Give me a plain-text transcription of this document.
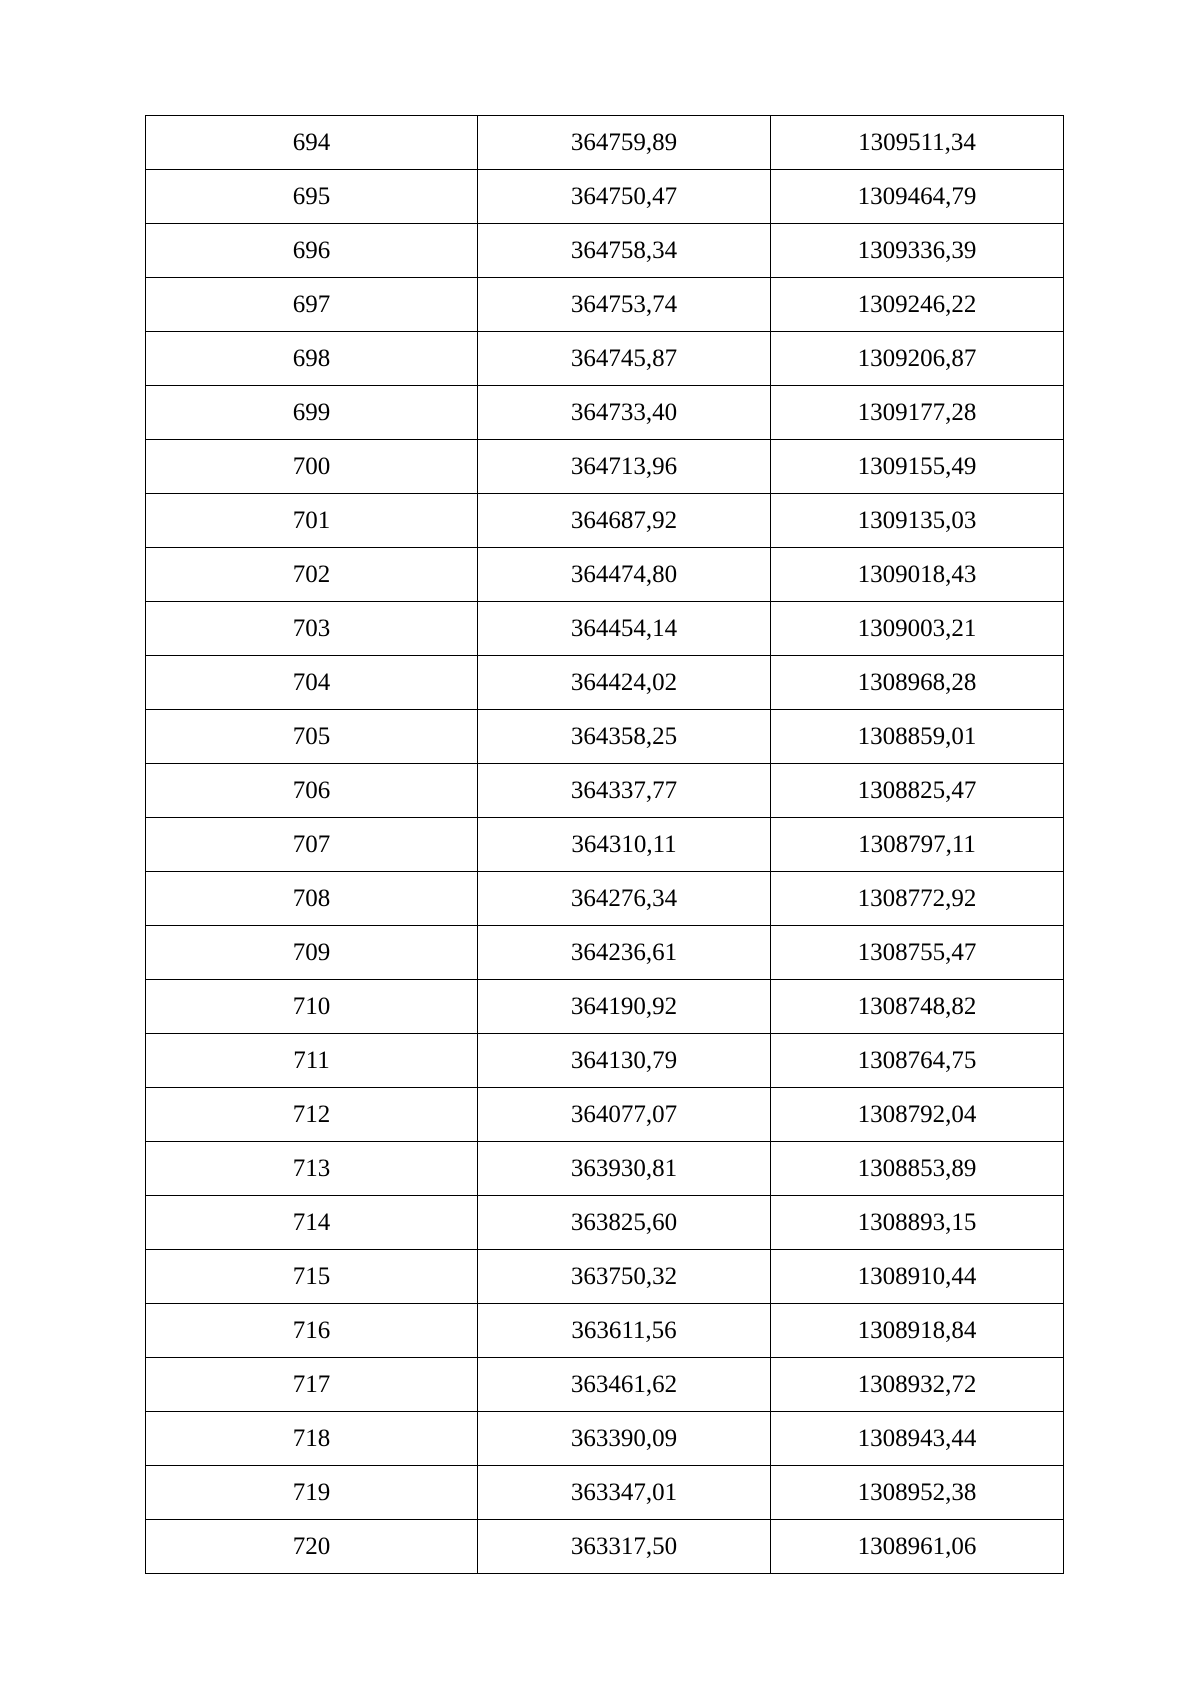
694	364759,89	1309511,34
695	364750,47	1309464,79
696	364758,34	1309336,39
697	364753,74	1309246,22
698	364745,87	1309206,87
699	364733,40	1309177,28
700	364713,96	1309155,49
701	364687,92	1309135,03
702	364474,80	1309018,43
703	364454,14	1309003,21
704	364424,02	1308968,28
705	364358,25	1308859,01
706	364337,77	1308825,47
707	364310,11	1308797,11
708	364276,34	1308772,92
709	364236,61	1308755,47
710	364190,92	1308748,82
711	364130,79	1308764,75
712	364077,07	1308792,04
713	363930,81	1308853,89
714	363825,60	1308893,15
715	363750,32	1308910,44
716	363611,56	1308918,84
717	363461,62	1308932,72
718	363390,09	1308943,44
719	363347,01	1308952,38
720	363317,50	1308961,06
